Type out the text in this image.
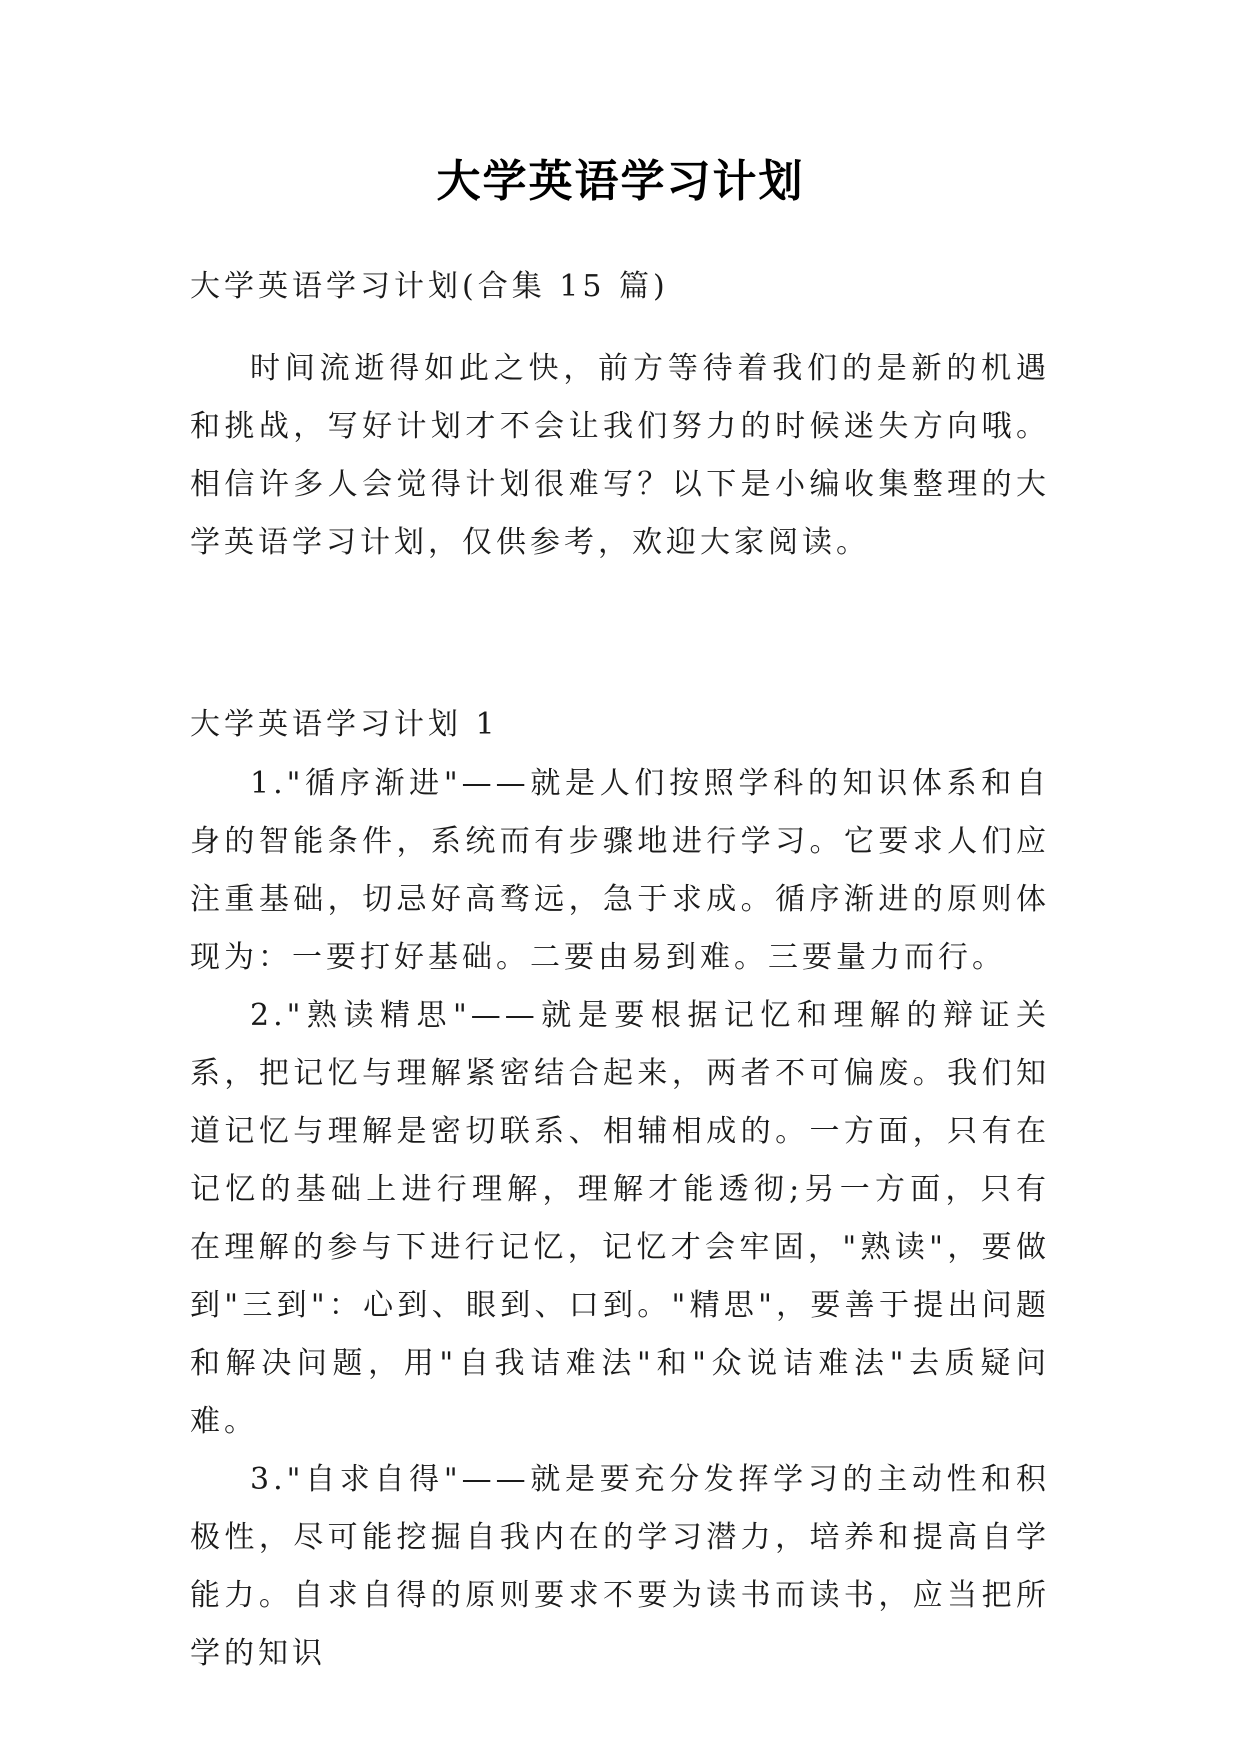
大学英语学习计划
大学英语学习计划(合集 15 篇)

时间流逝得如此之快，前方等待着我们的是新的机遇和挑战，写好计划才不会让我们努力的时候迷失方向哦。相信许多人会觉得计划很难写？以下是小编收集整理的大学英语学习计划，仅供参考，欢迎大家阅读。

大学英语学习计划 1

1."循序渐进"——就是人们按照学科的知识体系和自身的智能条件，系统而有步骤地进行学习。它要求人们应注重基础，切忌好高骛远，急于求成。循序渐进的原则体现为：一要打好基础。二要由易到难。三要量力而行。

2."熟读精思"——就是要根据记忆和理解的辩证关系，把记忆与理解紧密结合起来，两者不可偏废。我们知道记忆与理解是密切联系、相辅相成的。一方面，只有在记忆的基础上进行理解，理解才能透彻;另一方面，只有在理解的参与下进行记忆，记忆才会牢固，"熟读"，要做到"三到"：心到、眼到、口到。"精思"，要善于提出问题和解决问题，用"自我诘难法"和"众说诘难法"去质疑问难。

3."自求自得"——就是要充分发挥学习的主动性和积极性，尽可能挖掘自我内在的学习潜力，培养和提高自学能力。自求自得的原则要求不要为读书而读书，应当把所学的知识
